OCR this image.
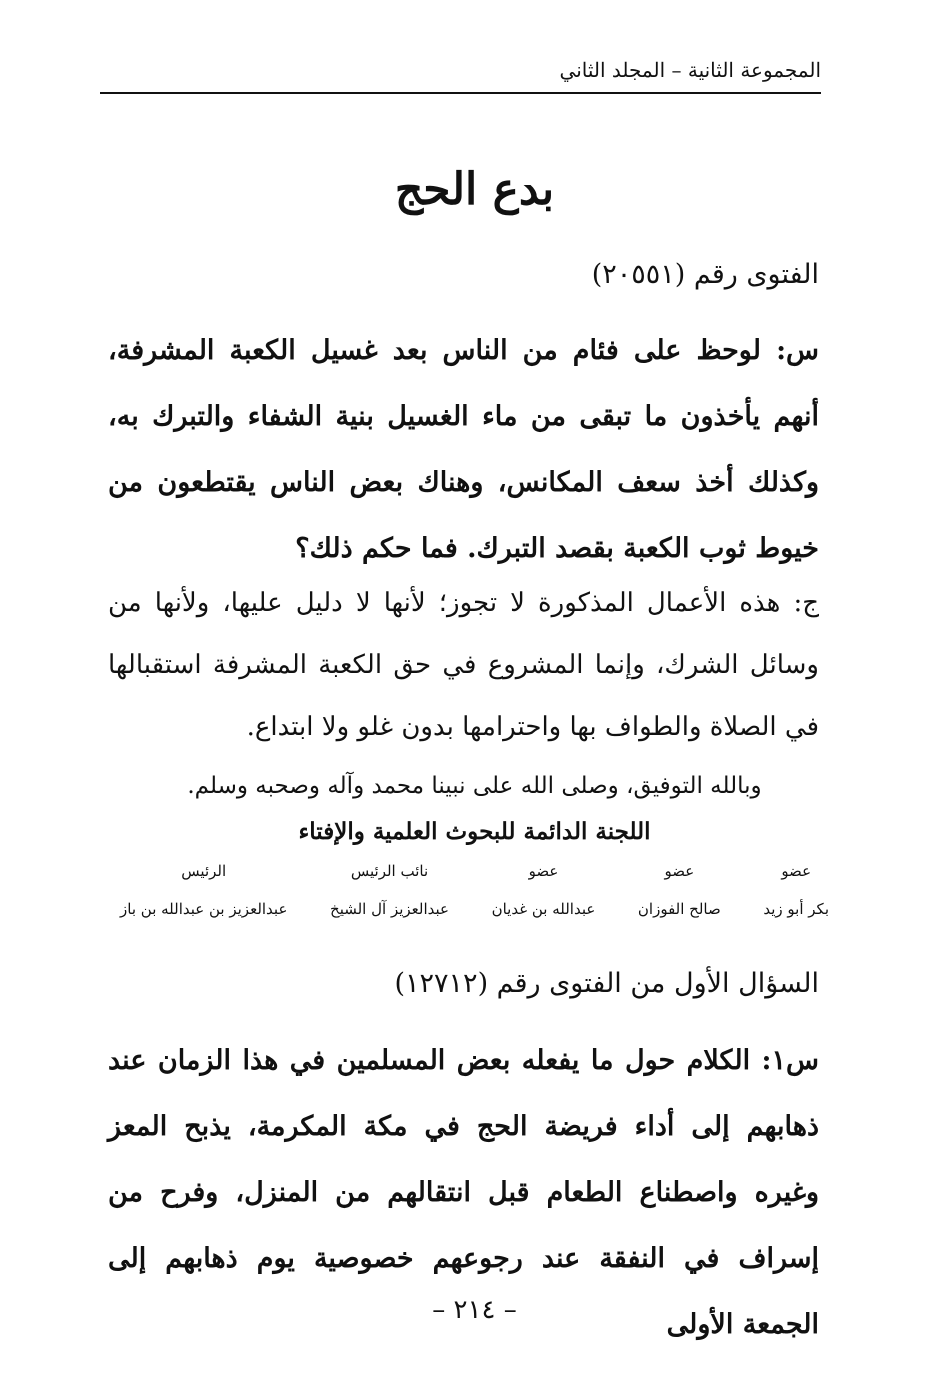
المجموعة الثانية – المجلد الثاني
بدع الحج
الفتوى رقم (٢٠٥٥١)
س: لوحظ على فئام من الناس بعد غسيل الكعبة المشرفة، أنهم يأخذون ما تبقى من ماء الغسيل بنية الشفاء والتبرك به، وكذلك أخذ سعف المكانس، وهناك بعض الناس يقتطعون من خيوط ثوب الكعبة بقصد التبرك. فما حكم ذلك؟
ج: هذه الأعمال المذكورة لا تجوز؛ لأنها لا دليل عليها، ولأنها من وسائل الشرك، وإنما المشروع في حق الكعبة المشرفة استقبالها في الصلاة والطواف بها واحترامها بدون غلو ولا ابتداع.
وبالله التوفيق، وصلى الله على نبينا محمد وآله وصحبه وسلم.
اللجنة الدائمة للبحوث العلمية والإفتاء
عضو
بكر أبو زيد
عضو
صالح الفوزان
عضو
عبدالله بن غديان
نائب الرئيس
عبدالعزيز آل الشيخ
الرئيس
عبدالعزيز بن عبدالله بن باز
السؤال الأول من الفتوى رقم (١٢٧١٢)
س١: الكلام حول ما يفعله بعض المسلمين في هذا الزمان عند ذهابهم إلى أداء فريضة الحج في مكة المكرمة، يذبح المعز وغيره واصطناع الطعام قبل انتقالهم من المنزل، وفرح من إسراف في النفقة عند رجوعهم خصوصية يوم ذهابهم إلى الجمعة الأولى
– ٢١٤ –
